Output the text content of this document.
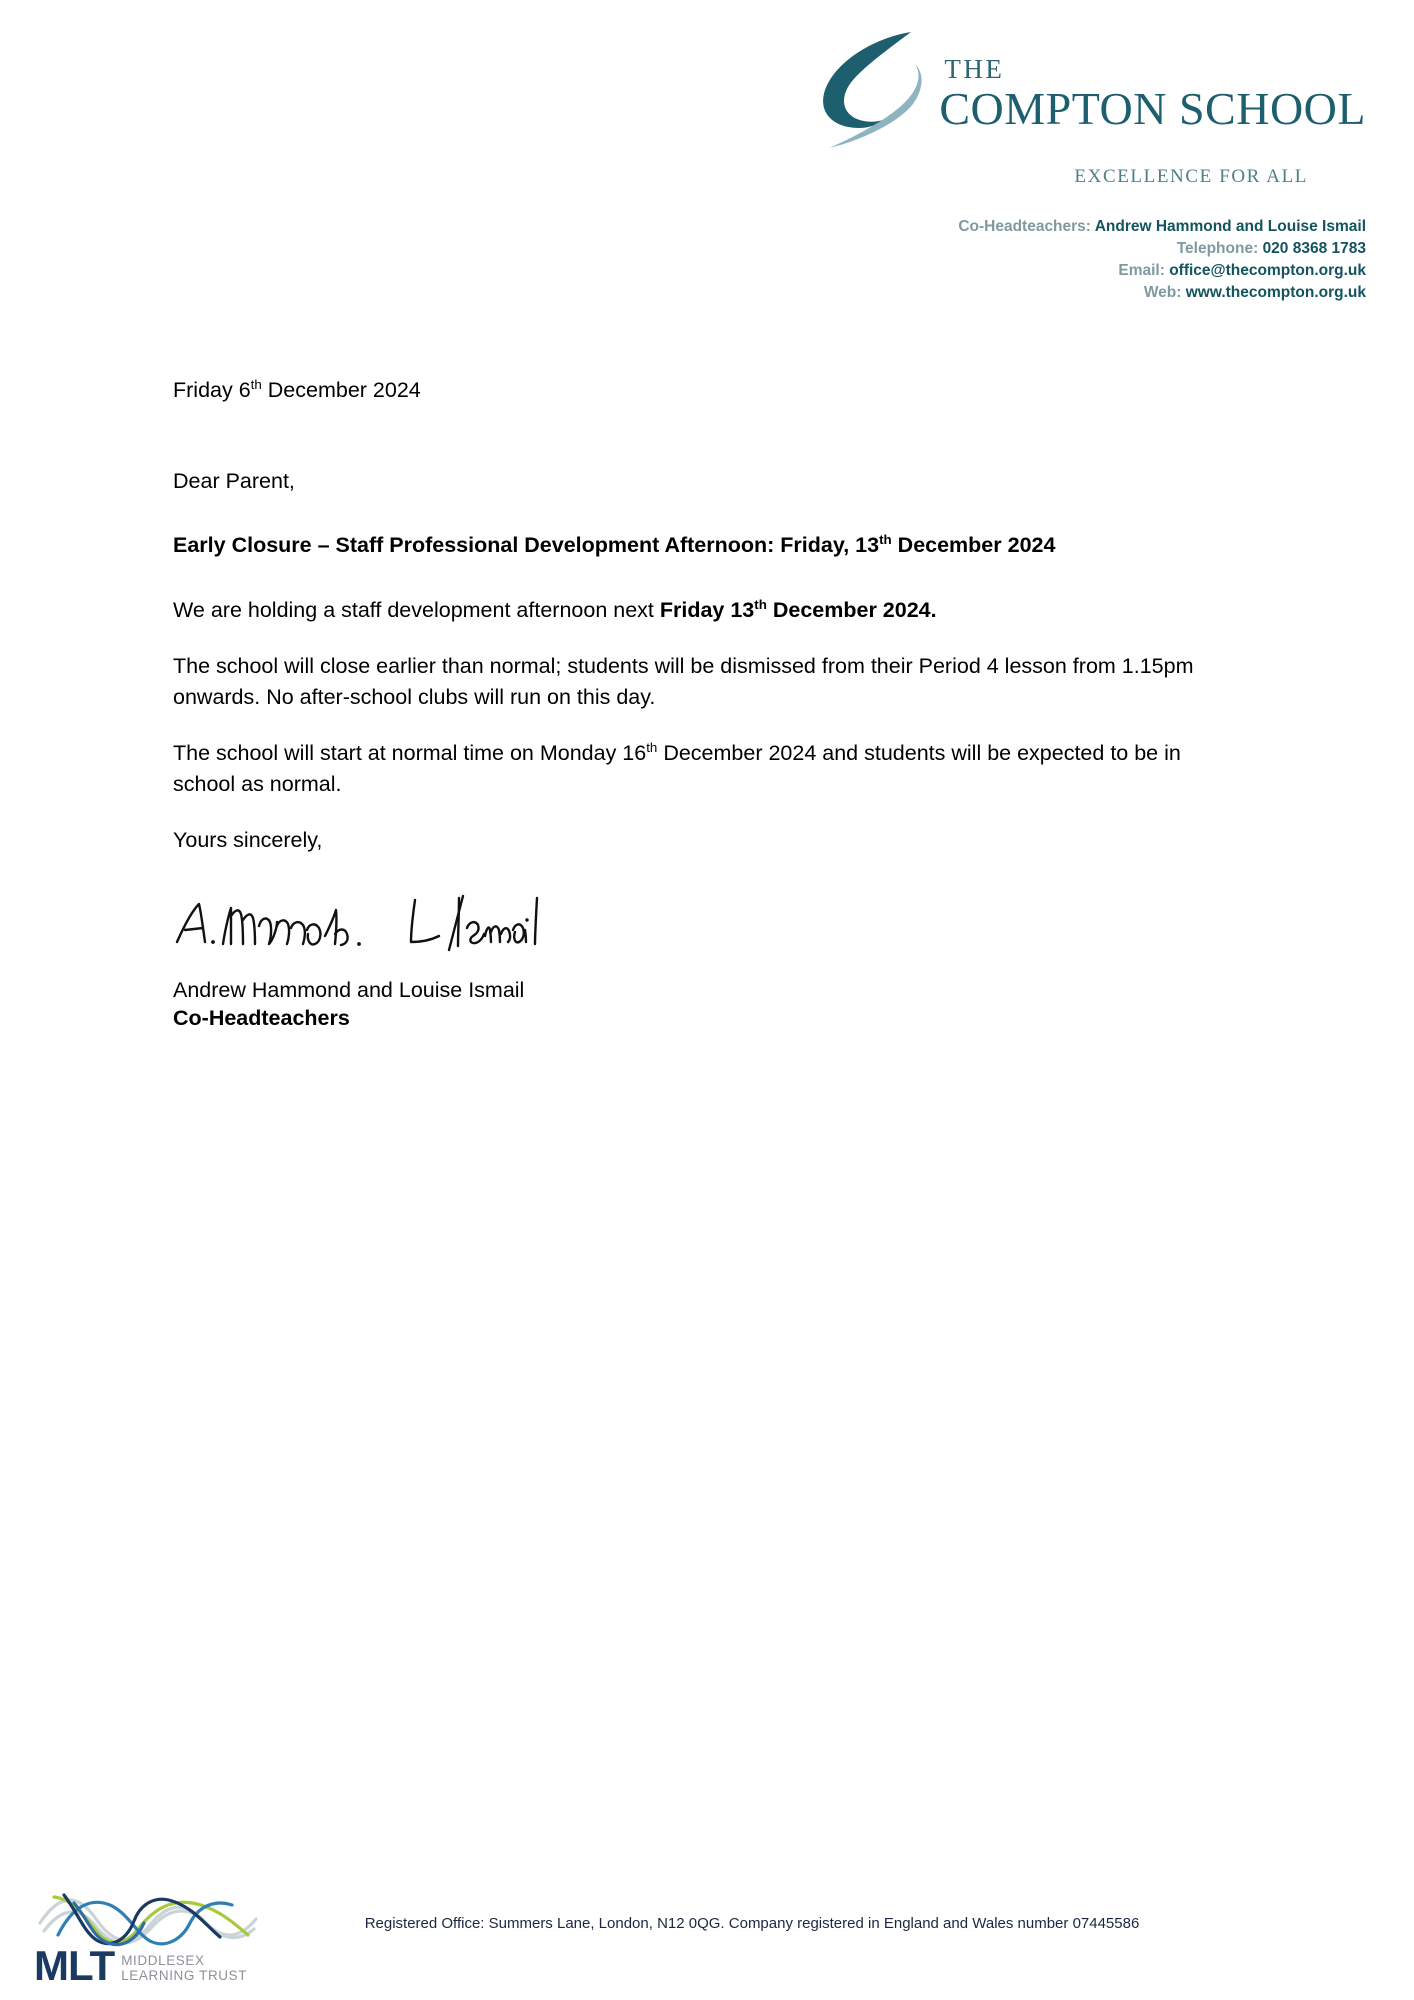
THE
COMPTON SCHOOL
EXCELLENCE FOR ALL
Co-Headteachers: Andrew Hammond and Louise Ismail
Telephone: 020 8368 1783
Email: office@thecompton.org.uk
Web: www.thecompton.org.uk

Friday 6th December 2024

Dear Parent,

Early Closure – Staff Professional Development Afternoon: Friday, 13th December 2024

We are holding a staff development afternoon next Friday 13th December 2024.

The school will close earlier than normal; students will be dismissed from their Period 4 lesson from 1.15pm onwards. No after-school clubs will run on this day.

The school will start at normal time on Monday 16th December 2024 and students will be expected to be in school as normal.

Yours sincerely,

Andrew Hammond and Louise Ismail

Co-Headteachers

Registered Office: Summers Lane, London, N12 0QG. Company registered in England and Wales number 07445586
MLT MIDDLESEX
LEARNING TRUST
